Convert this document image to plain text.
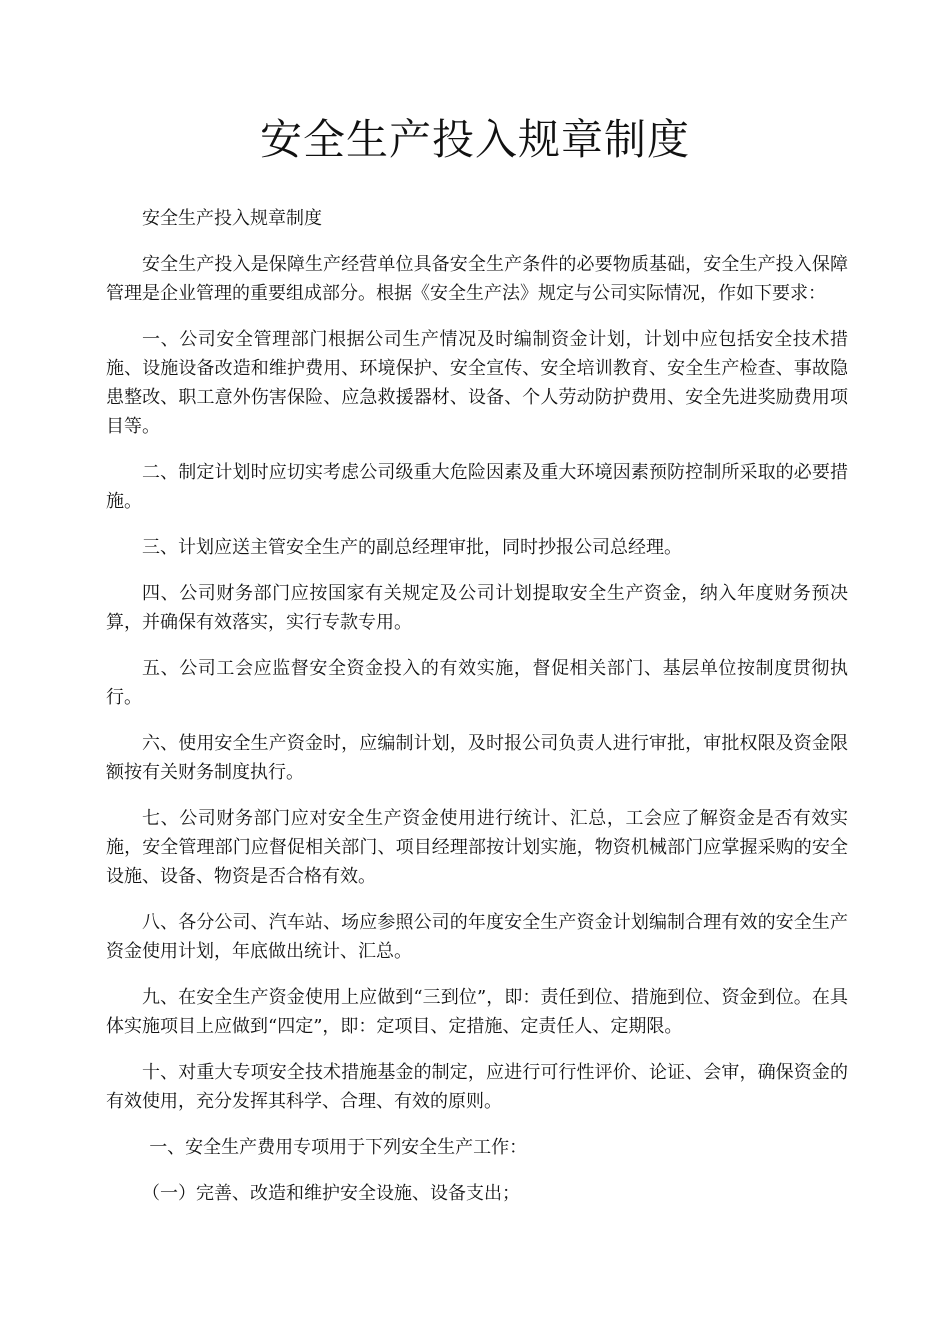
安全生产投入规章制度

安全生产投入规章制度

安全生产投入是保障生产经营单位具备安全生产条件的必要物质基础，安全生产投入保障管理是企业管理的重要组成部分。根据《安全生产法》规定与公司实际情况，作如下要求：

一、公司安全管理部门根据公司生产情况及时编制资金计划，计划中应包括安全技术措施、设施设备改造和维护费用、环境保护、安全宣传、安全培训教育、安全生产检查、事故隐患整改、职工意外伤害保险、应急救援器材、设备、个人劳动防护费用、安全先进奖励费用项目等。

二、制定计划时应切实考虑公司级重大危险因素及重大环境因素预防控制所采取的必要措施。

三、计划应送主管安全生产的副总经理审批，同时抄报公司总经理。

四、公司财务部门应按国家有关规定及公司计划提取安全生产资金，纳入年度财务预决算，并确保有效落实，实行专款专用。

五、公司工会应监督安全资金投入的有效实施，督促相关部门、基层单位按制度贯彻执行。

六、使用安全生产资金时，应编制计划，及时报公司负责人进行审批，审批权限及资金限额按有关财务制度执行。

七、公司财务部门应对安全生产资金使用进行统计、汇总，工会应了解资金是否有效实施，安全管理部门应督促相关部门、项目经理部按计划实施，物资机械部门应掌握采购的安全设施、设备、物资是否合格有效。

八、各分公司、汽车站、场应参照公司的年度安全生产资金计划编制合理有效的安全生产资金使用计划，年底做出统计、汇总。

九、在安全生产资金使用上应做到“三到位”，即：责任到位、措施到位、资金到位。在具体实施项目上应做到“四定”，即：定项目、定措施、定责任人、定期限。

十、对重大专项安全技术措施基金的制定，应进行可行性评价、论证、会审，确保资金的有效使用，充分发挥其科学、合理、有效的原则。

一、安全生产费用专项用于下列安全生产工作：

（一）完善、改造和维护安全设施、设备支出；
